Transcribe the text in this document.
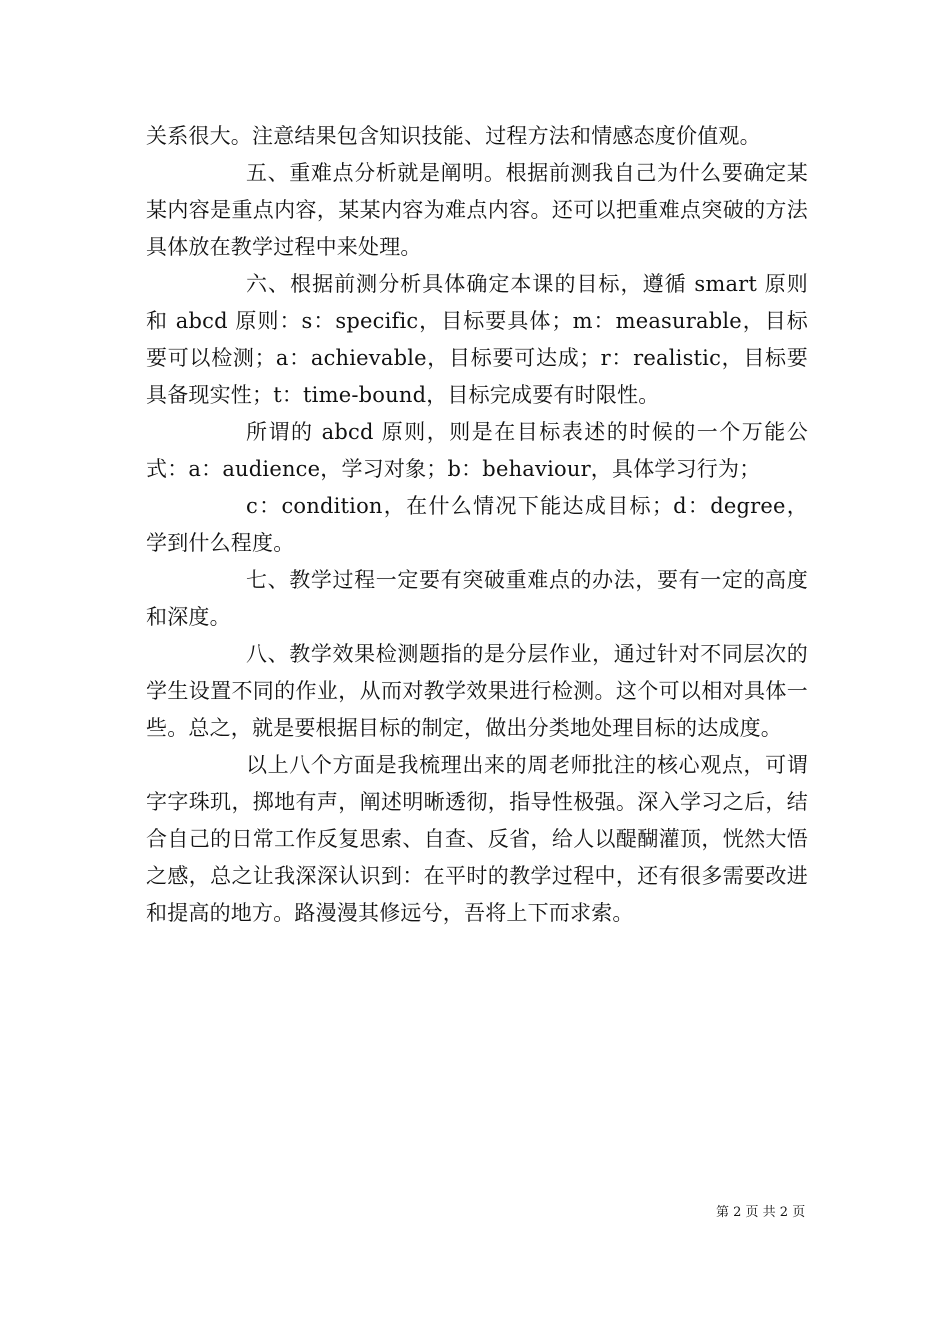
关系很大。注意结果包含知识技能、过程方法和情感态度价值观。

五、重难点分析就是阐明。根据前测我自己为什么要确定某某内容是重点内容，某某内容为难点内容。还可以把重难点突破的方法具体放在教学过程中来处理。

六、根据前测分析具体确定本课的目标，遵循 smart 原则和 abcd 原则：s：specific，目标要具体；m：measurable，目标要可以检测；a：achievable，目标要可达成；r：realistic，目标要具备现实性；t：time-bound，目标完成要有时限性。

所谓的 abcd 原则，则是在目标表述的时候的一个万能公式：a：audience，学习对象；b：behaviour，具体学习行为；

c：condition，在什么情况下能达成目标；d：degree，学到什么程度。

七、教学过程一定要有突破重难点的办法，要有一定的高度和深度。

八、教学效果检测题指的是分层作业，通过针对不同层次的学生设置不同的作业，从而对教学效果进行检测。这个可以相对具体一些。总之，就是要根据目标的制定，做出分类地处理目标的达成度。

以上八个方面是我梳理出来的周老师批注的核心观点，可谓字字珠玑，掷地有声，阐述明晰透彻，指导性极强。深入学习之后，结合自己的日常工作反复思索、自查、反省，给人以醍醐灌顶，恍然大悟之感，总之让我深深认识到：在平时的教学过程中，还有很多需要改进和提高的地方。路漫漫其修远兮，吾将上下而求索。

第 2 页 共 2 页
